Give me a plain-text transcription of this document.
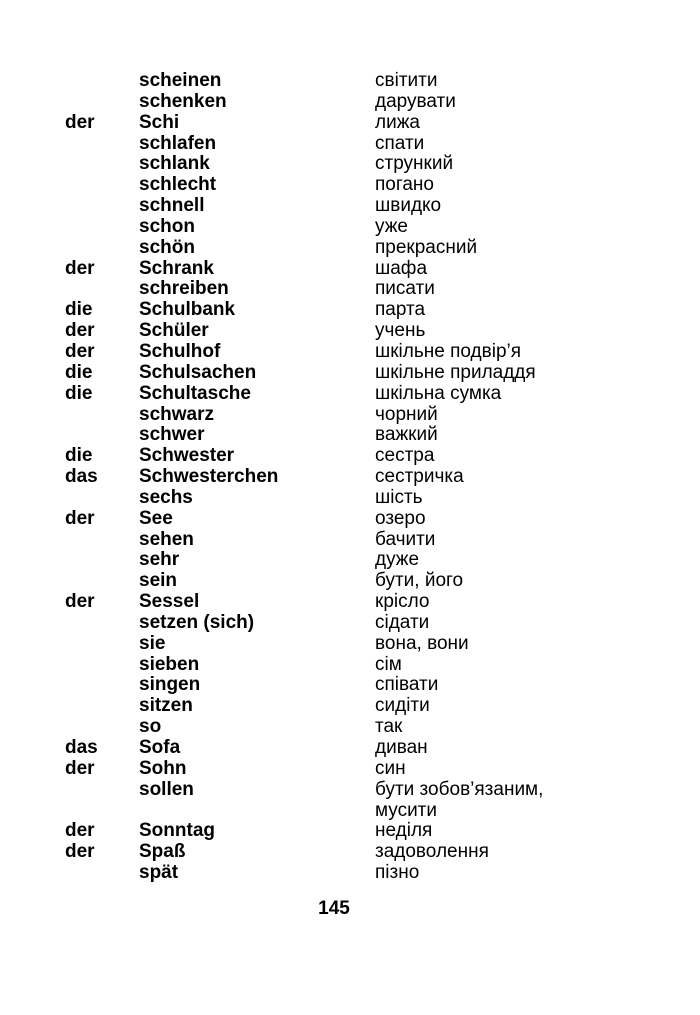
scheinen	світити
schenken	дарувати
der	Schi	лижа
schlafen	спати
schlank	стрункий
schlecht	погано
schnell	швидко
schon	уже
schön	прекрасний
der	Schrank	шафа
schreiben	писати
die	Schulbank	парта
der	Schüler	учень
der	Schulhof	шкільне подвір’я
die	Schulsachen	шкільне приладдя
die	Schultasche	шкільна сумка
schwarz	чорний
schwer	важкий
die	Schwester	сестра
das	Schwesterchen	сестричка
sechs	шість
der	See	озеро
sehen	бачити
sehr	дуже
sein	бути, його
der	Sessel	крісло
setzen (sich)	сідати
sie	вона, вони
sieben	сім
singen	співати
sitzen	сидіти
so	так
das	Sofa	диван
der	Sohn	син
sollen	бути зобов’язаним,
мусити
der	Sonntag	неділя
der	Spaß	задоволення
spät	пізно
145
